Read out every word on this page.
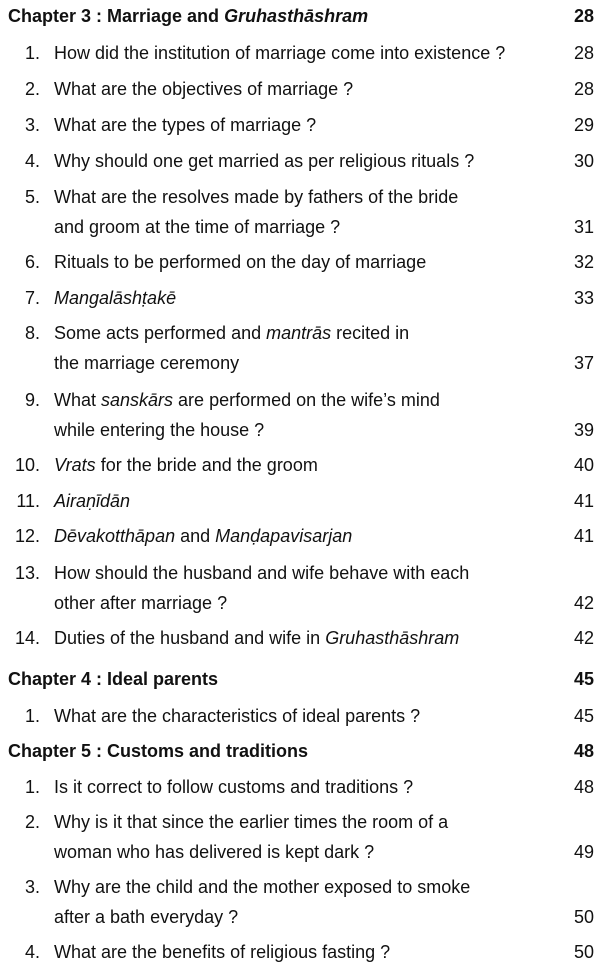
Chapter 3 : Marriage and Gruhasthāshram	28
1. How did the institution of marriage come into existence ?	28
2. What are the objectives of marriage ?	28
3. What are the types of marriage ?	29
4. Why should one get married as per religious rituals ?	30
5. What are the resolves made by fathers of the bride
and groom at the time of marriage ?	31
6. Rituals to be performed on the day of marriage	32
7. Mangalāshṭakē	33
8. Some acts performed and mantrās recited in
the marriage ceremony	37
9. What sanskārs are performed on the wife’s mind
while entering the house ?	39
10. Vrats for the bride and the groom	40
11. Airaṇīdān	41
12. Dēvakotthāpan and Manḍapavisarjan	41
13. How should the husband and wife behave with each
other after marriage ?	42
14. Duties of the husband and wife in Gruhasthāshram	42
Chapter 4 : Ideal parents	45
1. What are the characteristics of ideal parents ?	45
Chapter 5 : Customs and traditions	48
1. Is it correct to follow customs and traditions ?	48
2. Why is it that since the earlier times the room of a
woman who has delivered is kept dark ?	49
3. Why are the child and the mother exposed to smoke
after a bath everyday ?	50
4. What are the benefits of religious fasting ?	50
